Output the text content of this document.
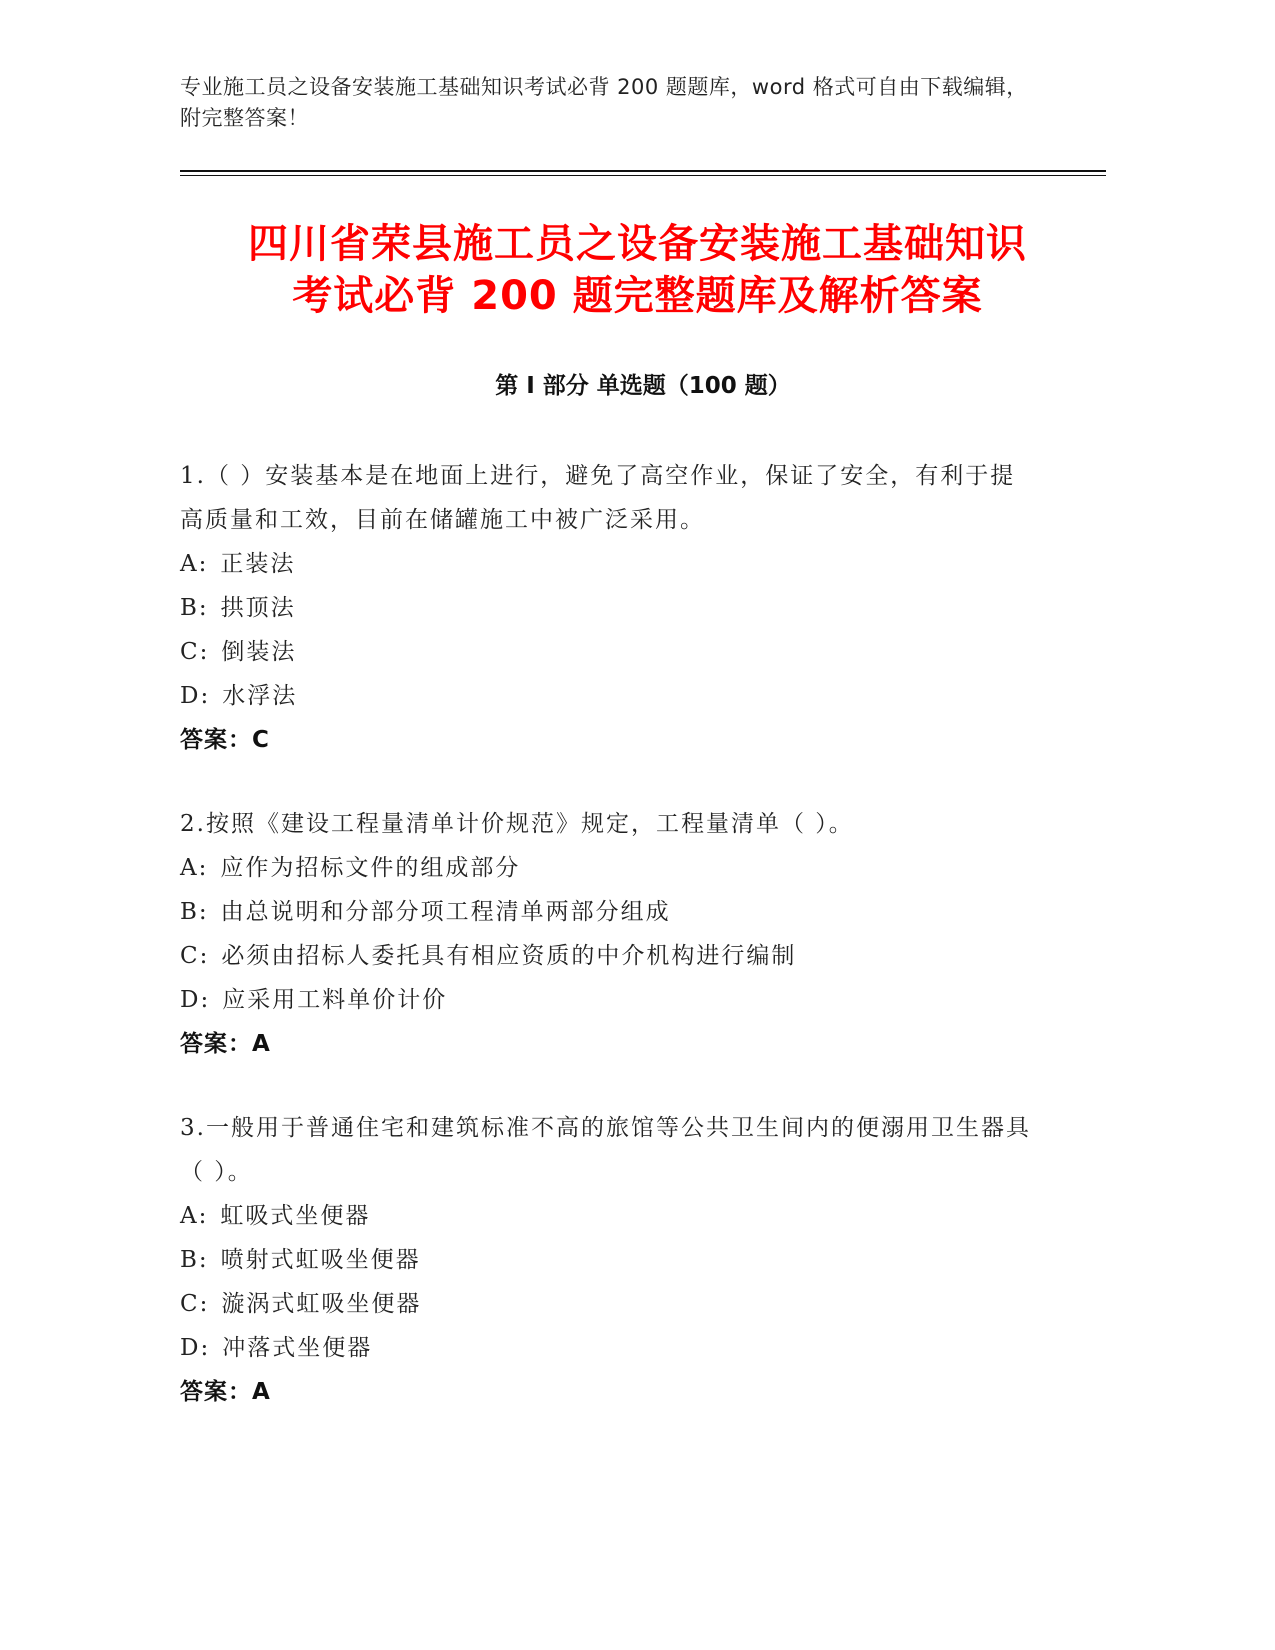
专业施工员之设备安装施工基础知识考试必背 200 题题库，word 格式可自由下载编辑，附完整答案！
四川省荣县施工员之设备安装施工基础知识
考试必背 200 题完整题库及解析答案
第 I 部分 单选题（100 题）
1.（ ）安装基本是在地面上进行，避免了高空作业，保证了安全，有利于提高质量和工效，目前在储罐施工中被广泛采用。
A: 正装法
B: 拱顶法
C: 倒装法
D: 水浮法
答案：C
2.按照《建设工程量清单计价规范》规定，工程量清单（ ）。
A: 应作为招标文件的组成部分
B: 由总说明和分部分项工程清单两部分组成
C: 必须由招标人委托具有相应资质的中介机构进行编制
D: 应采用工料单价计价
答案：A
3.一般用于普通住宅和建筑标准不高的旅馆等公共卫生间内的便溺用卫生器具（ ）。
A: 虹吸式坐便器
B: 喷射式虹吸坐便器
C: 漩涡式虹吸坐便器
D: 冲落式坐便器
答案：A
